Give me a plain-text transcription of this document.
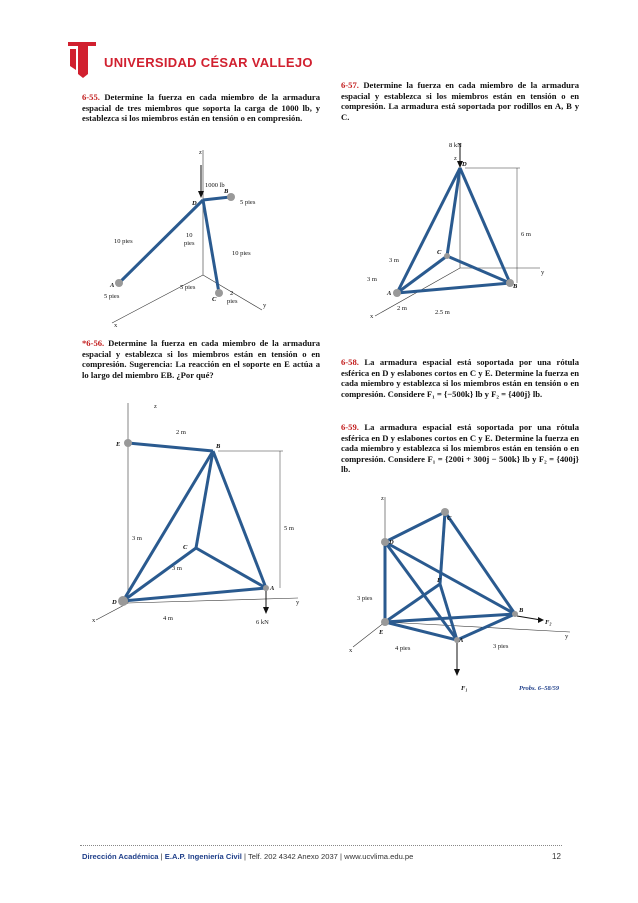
UNIVERSIDAD CÉSAR VALLEJO
6-55. Determine la fuerza en cada miembro de la armadura espacial de tres miembros que soporta la carga de 1000 lb, y establezca si los miembros están en tensión o en compresión.
6-57. Determine la fuerza en cada miembro de la armadura espacial y establezca si los miembros están en tensión o en compresión. La armadura está soportada por rodillos en A, B y C.
z
y
x
1000 lb
D
B
A
C
5 pies
10 pies
10
pies
10 pies
5 pies
5 pies
2
pies
z
y
x
8 kN
D
C
A
B
6 m
3 m
3 m
2 m
2.5 m
*6-56. Determine la fuerza en cada miembro de la armadura espacial y establezca si los miembros están en tensión o en compresión. Sugerencia: La reacción en el soporte en E actúa a lo largo del miembro EB. ¿Por qué?
6-58. La armadura espacial está soportada por una rótula esférica en D y eslabones cortos en C y E. Determine la fuerza en cada miembro y establezca si los miembros están en tensión o en compresión. Considere F₁ = {−500k} lb y F₂ = {400j} lb.
6-59. La armadura espacial está soportada por una rótula esférica en D y eslabones cortos en C y E. Determine la fuerza en cada miembro y establezca si los miembros están en tensión o en compresión. Considere F₁ = {200i + 300j − 500k} lb y F₂ = {400j} lb.
z
y
x
E	B
C
D
A
2 m
3 m
5 m
3 m
4 m
6 kN
z
y
x
C
D
F
B
E
A
F₂
F₁
3 pies
4 pies	3 pies
Probs. 6–58/59
Dirección Académica | E.A.P. Ingeniería Civil | Telf. 202 4342 Anexo 2037 | www.ucvlima.edu.pe	12
